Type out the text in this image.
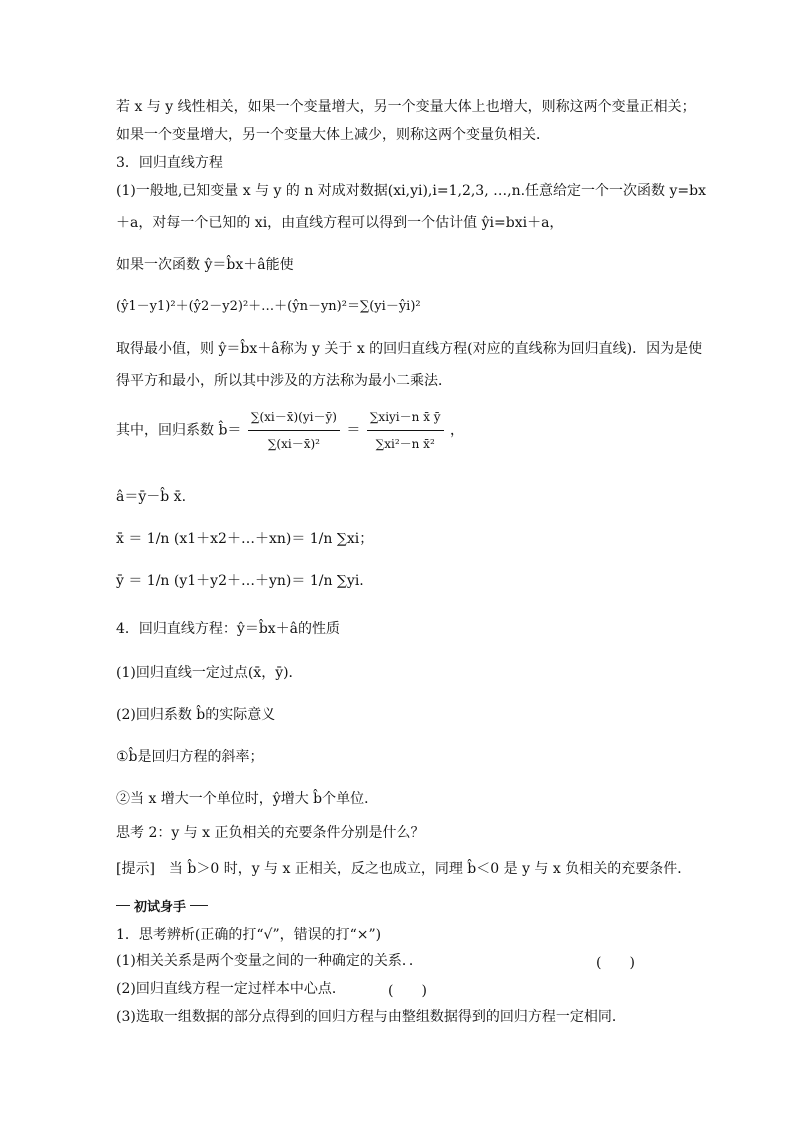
若 x 与 y 线性相关，如果一个变量增大，另一个变量大体上也增大，则称这两个变量正相关；
如果一个变量增大，另一个变量大体上减少，则称这两个变量负相关．
3．回归直线方程
(1)一般地,已知变量 x 与 y 的 n 对成对数据(xi,yi),i=1,2,3, …,n.任意给定一个一次函数 y=bx
＋a，对每一个已知的 xi，由直线方程可以得到一个估计值 ŷi=bxi＋a，
如果一次函数 ŷ＝b̂x＋â能使
(ŷ1－y1)²＋(ŷ2－y2)²＋…＋(ŷn－yn)²＝∑(yi－ŷi)²
取得最小值，则 ŷ＝b̂x＋â称为 y 关于 x 的回归直线方程(对应的直线称为回归直线)．因为是使
得平方和最小，所以其中涉及的方法称为最小二乘法．
其中，回归系数 b̂＝ $\frac{\sum(xi-x̄)(yi-ȳ)}{\text{∑(xi－x̄)²}} = \frac{\text{∑xiyi－n x̄ ȳ}}{\text{∑xi²－n x̄²}}$ ，
â＝ȳ－b̂ x̄.
x̄ ＝ 1/n (x1＋x2＋…＋xn)＝ 1/n ∑xi；
ȳ ＝ 1/n (y1＋y2＋…＋yn)＝ 1/n ∑yi.
4．回归直线方程：ŷ＝b̂x＋â的性质
(1)回归直线一定过点(x̄，ȳ)．
(2)回归系数 b̂的实际意义
①b̂是回归方程的斜率；
②当 x 增大一个单位时，ŷ增大 b̂个单位．
思考 2：y 与 x 正负相关的充要条件分别是什么？
[提示]　当 b̂＞0 时，y 与 x 正相关，反之也成立，同理 b̂＜0 是 y 与 x 负相关的充要条件．
初试身手
1．思考辨析(正确的打“√”，错误的打“×”)
(1)相关关系是两个变量之间的一种确定的关系．．	(　　)
(2)回归直线方程一定过样本中心点．	(　　)
(3)选取一组数据的部分点得到的回归方程与由整组数据得到的回归方程一定相同．
